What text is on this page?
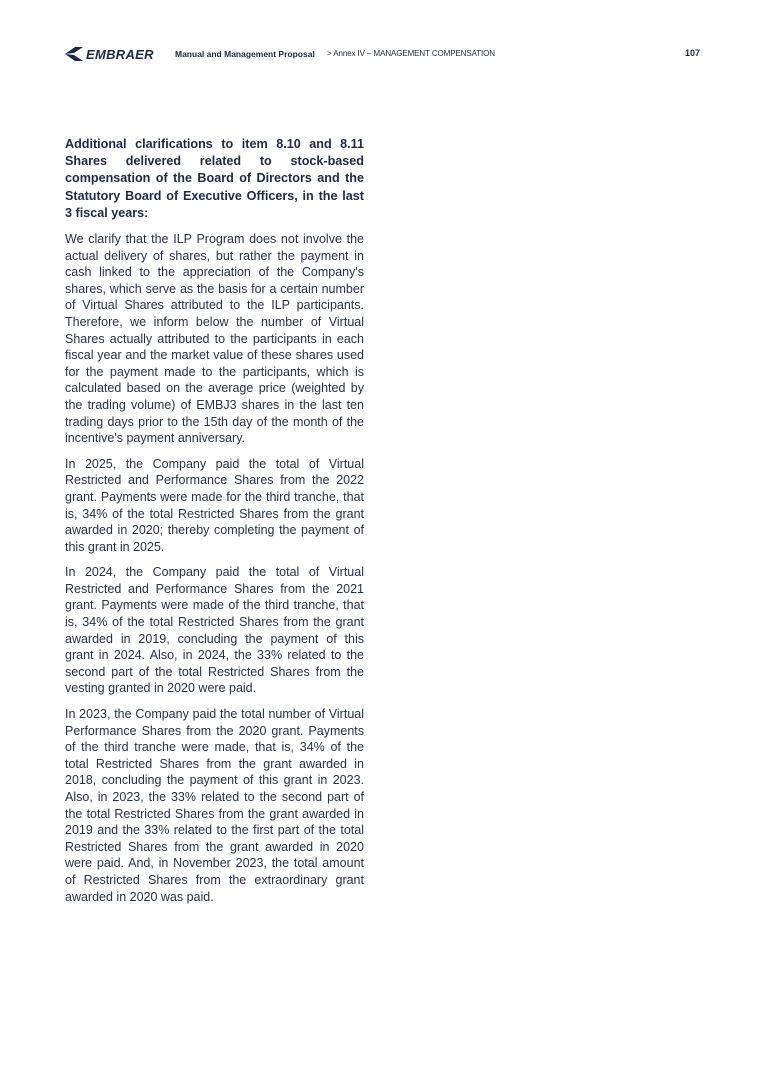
EMBRAER Manual and Management Proposal > Annex IV – MANAGEMENT COMPENSATION	107

Additional clarifications to item 8.10 and 8.11 Shares delivered related to stock-based compensation of the Board of Directors and the Statutory Board of Executive Officers, in the last 3 fiscal years:

We clarify that the ILP Program does not involve the actual delivery of shares, but rather the payment in cash linked to the appreciation of the Company's shares, which serve as the basis for a certain number of Virtual Shares attributed to the ILP participants. Therefore, we inform below the number of Virtual Shares actually attributed to the participants in each fiscal year and the market value of these shares used for the payment made to the participants, which is calculated based on the average price (weighted by the trading volume) of EMBJ3 shares in the last ten trading days prior to the 15th day of the month of the incentive's payment anniversary.

In 2025, the Company paid the total of Virtual Restricted and Performance Shares from the 2022 grant. Payments were made for the third tranche, that is, 34% of the total Restricted Shares from the grant awarded in 2020; thereby completing the payment of this grant in 2025.

In 2024, the Company paid the total of Virtual Restricted and Performance Shares from the 2021 grant. Payments were made of the third tranche, that is, 34% of the total Restricted Shares from the grant awarded in 2019, concluding the payment of this grant in 2024. Also, in 2024, the 33% related to the second part of the total Restricted Shares from the vesting granted in 2020 were paid.

In 2023, the Company paid the total number of Virtual Performance Shares from the 2020 grant. Payments of the third tranche were made, that is, 34% of the total Restricted Shares from the grant awarded in 2018, concluding the payment of this grant in 2023. Also, in 2023, the 33% related to the second part of the total Restricted Shares from the grant awarded in 2019 and the 33% related to the first part of the total Restricted Shares from the grant awarded in 2020 were paid. And, in November 2023, the total amount of Restricted Shares from the extraordinary grant awarded in 2020 was paid.
